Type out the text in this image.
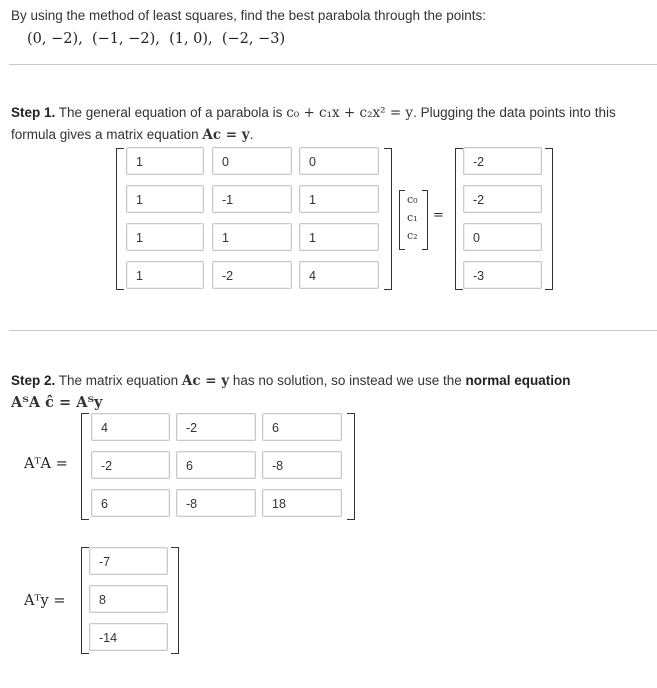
By using the method of least squares, find the best parabola through the points:
(0, −2),  (−1, −2),  (1, 0),  (−2, −3)
Step 1. The general equation of a parabola is c₀ + c₁x + c₂x² = y. Plugging the data points into this
formula gives a matrix equation Ac = y.
1	0	0
1	-1	1
1	1	1
1	-2	4
c₀
c₁
c₂
=
-2
-2
0
-3
Step 2. The matrix equation Ac = y has no solution, so instead we use the normal equation
AᵀA ĉ = Aᵀy
AᵀA =
4	-2	6
-2	6	-8
6	-8	18
Aᵀy =
-7
8
-14
